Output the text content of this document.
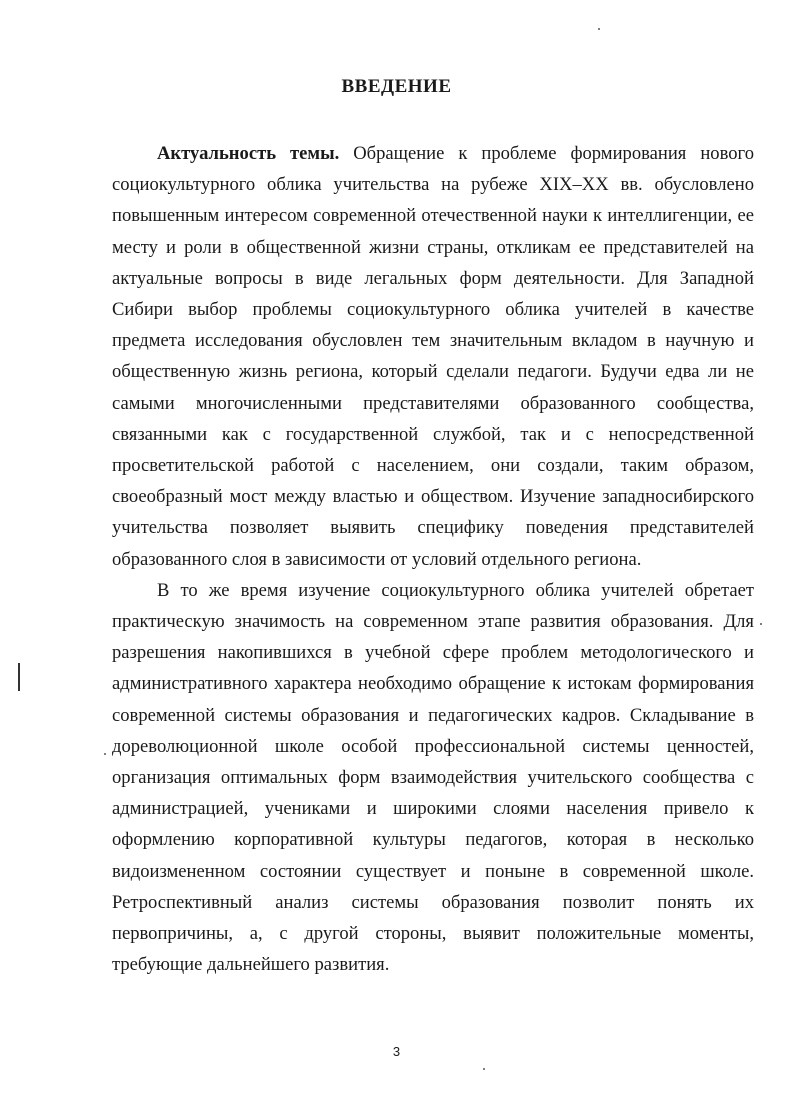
ВВЕДЕНИЕ

Актуальность темы. Обращение к проблеме формирования нового социокультурного облика учительства на рубеже XIX–XX вв. обусловлено повышенным интересом современной отечественной науки к интеллигенции, ее месту и роли в общественной жизни страны, откликам ее представителей на актуальные вопросы в виде легальных форм деятельности. Для Западной Сибири выбор проблемы социокультурного облика учителей в качестве предмета исследования обусловлен тем значительным вкладом в научную и общественную жизнь региона, который сделали педагоги. Будучи едва ли не самыми многочисленными представителями образованного сообщества, связанными как с государственной службой, так и с непосредственной просветительской работой с населением, они создали, таким образом, своеобразный мост между властью и обществом. Изучение западносибирского учительства позволяет выявить специфику поведения представителей образованного слоя в зависимости от условий отдельного региона.

В то же время изучение социокультурного облика учителей обретает практическую значимость на современном этапе развития образования. Для разрешения накопившихся в учебной сфере проблем методологического и административного характера необходимо обращение к истокам формирования современной системы образования и педагогических кадров. Складывание в дореволюционной школе особой профессиональной системы ценностей, организация оптимальных форм взаимодействия учительского сообщества с администрацией, учениками и широкими слоями населения привело к оформлению корпоративной культуры педагогов, которая в несколько видоизмененном состоянии существует и поныне в современной школе. Ретроспективный анализ системы образования позволит понять их первопричины, а, с другой стороны, выявит положительные моменты, требующие дальнейшего развития.

3
